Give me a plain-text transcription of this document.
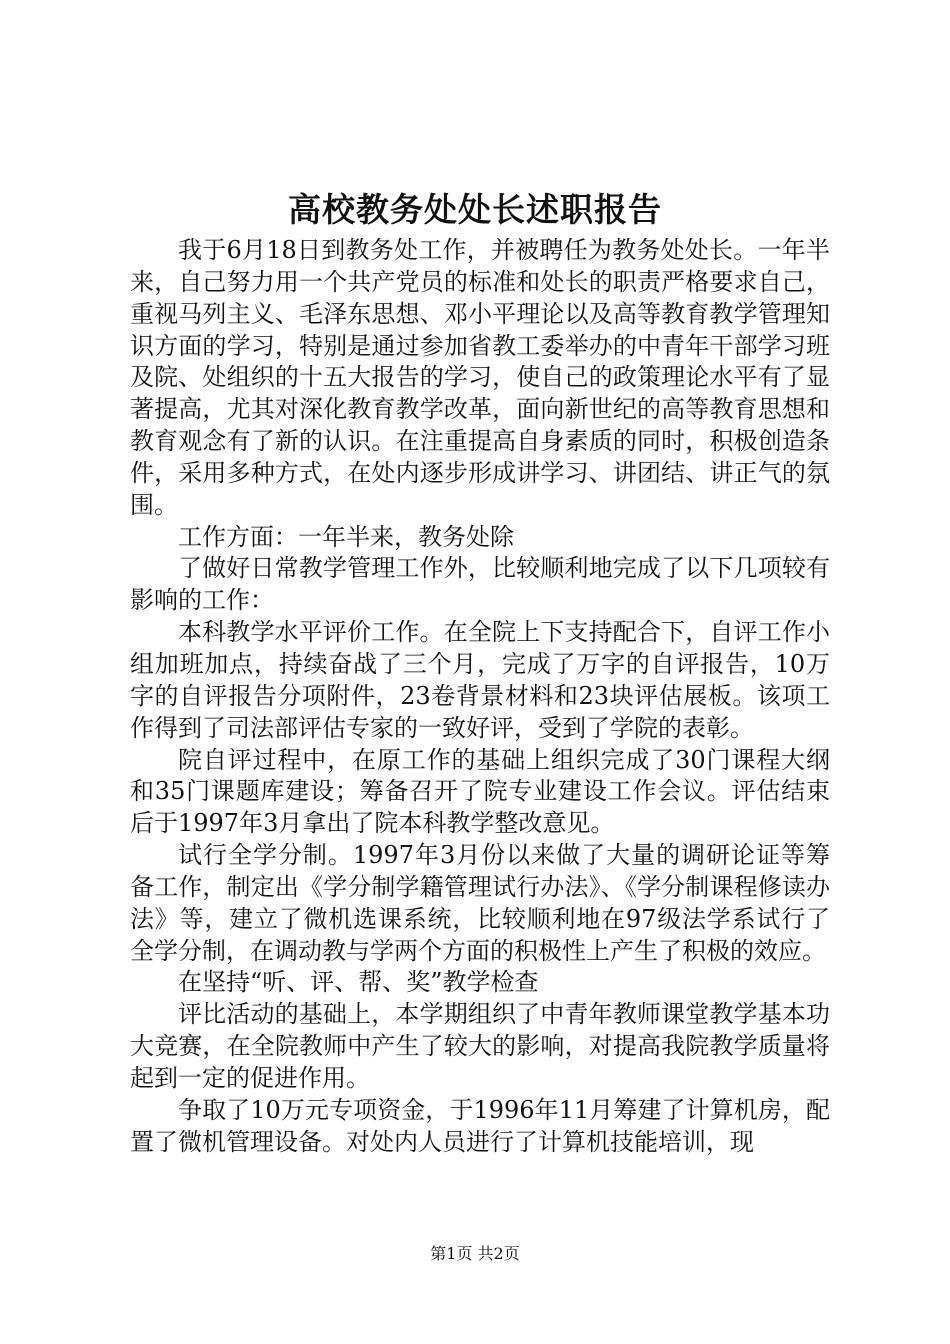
高校教务处处长述职报告

我于6月18日到教务处工作，并被聘任为教务处处长。一年半来，自己努力用一个共产党员的标准和处长的职责严格要求自己，重视马列主义、毛泽东思想、邓小平理论以及高等教育教学管理知识方面的学习，特别是通过参加省教工委举办的中青年干部学习班及院、处组织的十五大报告的学习，使自己的政策理论水平有了显著提高，尤其对深化教育教学改革，面向新世纪的高等教育思想和教育观念有了新的认识。在注重提高自身素质的同时，积极创造条件，采用多种方式，在处内逐步形成讲学习、讲团结、讲正气的氛围。

工作方面：一年半来，教务处除

了做好日常教学管理工作外，比较顺利地完成了以下几项较有影响的工作：

本科教学水平评价工作。在全院上下支持配合下，自评工作小组加班加点，持续奋战了三个月，完成了万字的自评报告，10万字的自评报告分项附件，23卷背景材料和23块评估展板。该项工作得到了司法部评估专家的一致好评，受到了学院的表彰。

院自评过程中，在原工作的基础上组织完成了30门课程大纲和35门课题库建设；筹备召开了院专业建设工作会议。评估结束后于1997年3月拿出了院本科教学整改意见。

试行全学分制。1997年3月份以来做了大量的调研论证等筹备工作，制定出《学分制学籍管理试行办法》、《学分制课程修读办法》等，建立了微机选课系统，比较顺利地在97级法学系试行了全学分制，在调动教与学两个方面的积极性上产生了积极的效应。

在坚持“听、评、帮、奖”教学检查

评比活动的基础上，本学期组织了中青年教师课堂教学基本功大竞赛，在全院教师中产生了较大的影响，对提高我院教学质量将起到一定的促进作用。

争取了10万元专项资金，于1996年11月筹建了计算机房，配置了微机管理设备。对处内人员进行了计算机技能培训，现

第1页 共2页
